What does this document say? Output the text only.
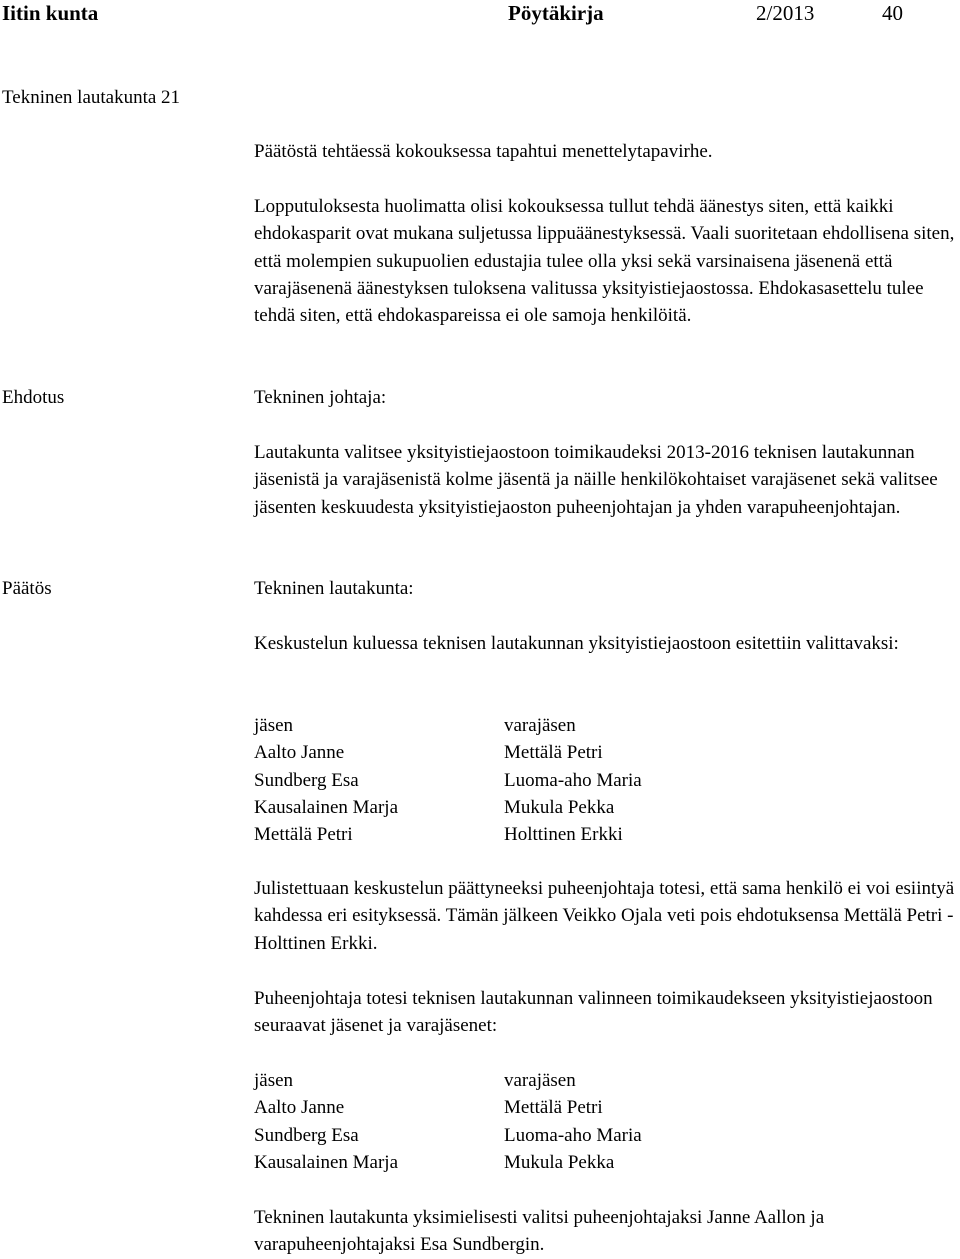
Iitin kunta	Pöytäkirja	2/2013	40
Tekninen lautakunta 21

Päätöstä tehtäessä kokouksessa tapahtui menettelytapavirhe.

Lopputuloksesta huolimatta olisi kokouksessa tullut tehdä äänestys siten, että kaikki ehdokasparit ovat mukana suljetussa lippuäänestyksessä. Vaali suoritetaan ehdollisena siten, että molempien sukupuolien edustajia tulee olla yksi sekä varsinaisena jäsenenä että varajäsenenä äänestyksen tuloksena valitussa yksityistiejaostossa. Ehdokasasettelu tulee tehdä siten, että ehdokaspareissa ei ole samoja henkilöitä.

Ehdotus	Tekninen johtaja:

Lautakunta valitsee yksityistiejaostoon toimikaudeksi 2013-2016 teknisen lautakunnan jäsenistä ja varajäsenistä kolme jäsentä ja näille henkilökohtaiset varajäsenet sekä valitsee jäsenten keskuudesta yksityistiejaoston puheenjohtajan ja yhden varapuheenjohtajan.

Päätös	Tekninen lautakunta:

Keskustelun kuluessa teknisen lautakunnan yksityistiejaostoon esitettiin valittavaksi:

jäsen	varajäsen
Aalto Janne	Mettälä Petri
Sundberg Esa	Luoma-aho Maria
Kausalainen Marja	Mukula Pekka
Mettälä Petri	Holttinen Erkki

Julistettuaan keskustelun päättyneeksi puheenjohtaja totesi, että sama henkilö ei voi esiintyä kahdessa eri esityksessä. Tämän jälkeen Veikko Ojala veti pois ehdotuksensa Mettälä Petri - Holttinen Erkki.

Puheenjohtaja totesi teknisen lautakunnan valinneen toimikaudekseen yksityistiejaostoon seuraavat jäsenet ja varajäsenet:

jäsen	varajäsen
Aalto Janne	Mettälä Petri
Sundberg Esa	Luoma-aho Maria
Kausalainen Marja	Mukula Pekka

Tekninen lautakunta yksimielisesti valitsi puheenjohtajaksi Janne Aallon ja varapuheenjohtajaksi Esa Sundbergin.
